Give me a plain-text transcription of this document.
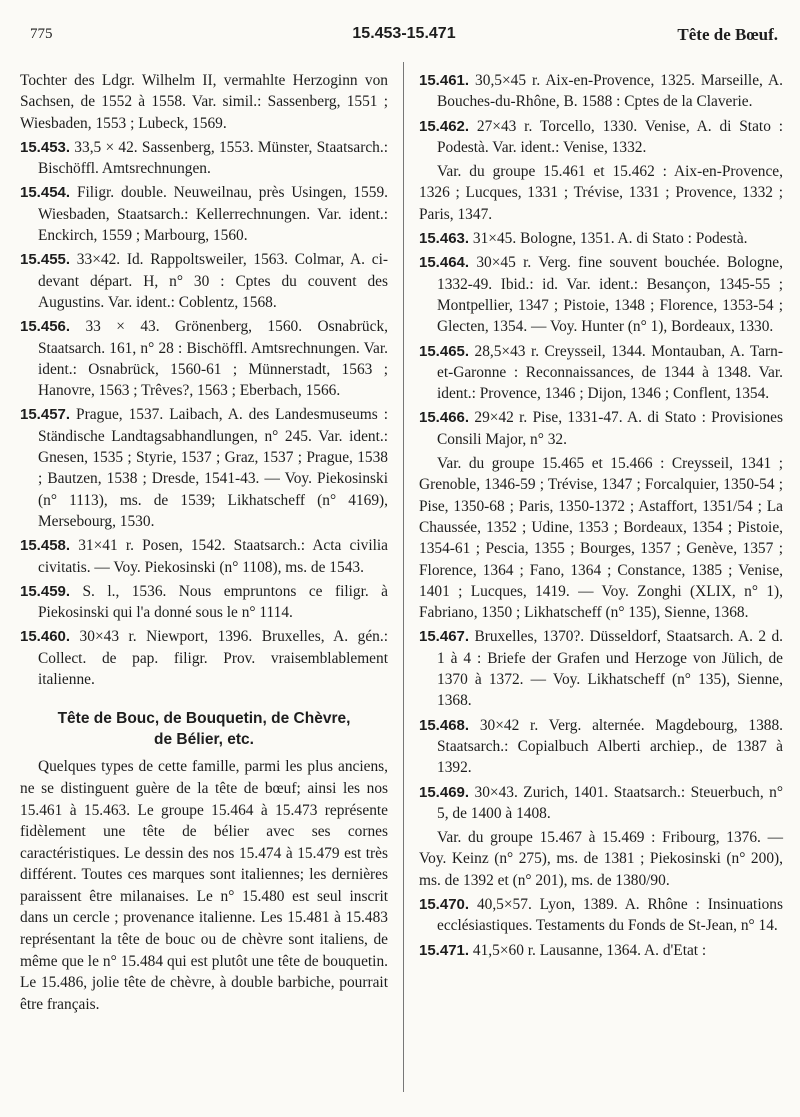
775	15.453-15.471	Tête de Bœuf.

Tochter des Ldgr. Wilhelm II, vermahlte Herzoginn von Sachsen, de 1552 à 1558. Var. simil.: Sassenberg, 1551 ; Wiesbaden, 1553 ; Lubeck, 1569.

15.453. 33,5 × 42. Sassenberg, 1553. Münster, Staatsarch.: Bischöffl. Amtsrechnungen.

15.454. Filigr. double. Neuweilnau, près Usingen, 1559. Wiesbaden, Staatsarch.: Kellerrechnungen. Var. ident.: Enckirch, 1559 ; Marbourg, 1560.

15.455. 33×42. Id. Rappoltsweiler, 1563. Colmar, A. ci-devant départ. H, n° 30 : Cptes du couvent des Augustins. Var. ident.: Coblentz, 1568.

15.456. 33 × 43. Grönenberg, 1560. Osnabrück, Staatsarch. 161, n° 28 : Bischöffl. Amtsrechnungen. Var. ident.: Osnabrück, 1560-61 ; Münnerstadt, 1563 ; Hanovre, 1563 ; Trêves?, 1563 ; Eberbach, 1566.

15.457. Prague, 1537. Laibach, A. des Landesmuseums : Ständische Landtagsabhandlungen, n° 245. Var. ident.: Gnesen, 1535 ; Styrie, 1537 ; Graz, 1537 ; Prague, 1538 ; Bautzen, 1538 ; Dresde, 1541-43. — Voy. Piekosinski (n° 1113), ms. de 1539; Likhatscheff (n° 4169), Mersebourg, 1530.

15.458. 31×41 r. Posen, 1542. Staatsarch.: Acta civilia civitatis. — Voy. Piekosinski (n° 1108), ms. de 1543.

15.459. S. l., 1536. Nous empruntons ce filigr. à Piekosinski qui l'a donné sous le n° 1114.

15.460. 30×43 r. Niewport, 1396. Bruxelles, A. gén.: Collect. de pap. filigr. Prov. vraisemblablement italienne.

Tête de Bouc, de Bouquetin, de Chèvre,
de Bélier, etc.

Quelques types de cette famille, parmi les plus anciens, ne se distinguent guère de la tête de bœuf; ainsi les nos 15.461 à 15.463. Le groupe 15.464 à 15.473 représente fidèlement une tête de bélier avec ses cornes caractéristiques. Le dessin des nos 15.474 à 15.479 est très différent. Toutes ces marques sont italiennes; les dernières paraissent être milanaises. Le n° 15.480 est seul inscrit dans un cercle ; provenance italienne. Les 15.481 à 15.483 représentant la tête de bouc ou de chèvre sont italiens, de même que le n° 15.484 qui est plutôt une tête de bouquetin. Le 15.486, jolie tête de chèvre, à double barbiche, pourrait être français.

15.461. 30,5×45 r. Aix-en-Provence, 1325. Marseille, A. Bouches-du-Rhône, B. 1588 : Cptes de la Claverie.

15.462. 27×43 r. Torcello, 1330. Venise, A. di Stato : Podestà. Var. ident.: Venise, 1332.

Var. du groupe 15.461 et 15.462 : Aix-en-Provence, 1326 ; Lucques, 1331 ; Trévise, 1331 ; Provence, 1332 ; Paris, 1347.

15.463. 31×45. Bologne, 1351. A. di Stato : Podestà.

15.464. 30×45 r. Verg. fine souvent bouchée. Bologne, 1332-49. Ibid.: id. Var. ident.: Besançon, 1345-55 ; Montpellier, 1347 ; Pistoie, 1348 ; Florence, 1353-54 ; Glecten, 1354. — Voy. Hunter (n° 1), Bordeaux, 1330.

15.465. 28,5×43 r. Creysseil, 1344. Montauban, A. Tarn-et-Garonne : Reconnaissances, de 1344 à 1348. Var. ident.: Provence, 1346 ; Dijon, 1346 ; Conflent, 1354.

15.466. 29×42 r. Pise, 1331-47. A. di Stato : Provisiones Consili Major, n° 32.

Var. du groupe 15.465 et 15.466 : Creysseil, 1341 ; Grenoble, 1346-59 ; Trévise, 1347 ; Forcalquier, 1350-54 ; Pise, 1350-68 ; Paris, 1350-1372 ; Astaffort, 1351/54 ; La Chaussée, 1352 ; Udine, 1353 ; Bordeaux, 1354 ; Pistoie, 1354-61 ; Pescia, 1355 ; Bourges, 1357 ; Genève, 1357 ; Florence, 1364 ; Fano, 1364 ; Constance, 1385 ; Venise, 1401 ; Lucques, 1419. — Voy. Zonghi (XLIX, n° 1), Fabriano, 1350 ; Likhatscheff (n° 135), Sienne, 1368.

15.467. Bruxelles, 1370?. Düsseldorf, Staatsarch. A. 2 d. 1 à 4 : Briefe der Grafen und Herzoge von Jülich, de 1370 à 1372. — Voy. Likhatscheff (n° 135), Sienne, 1368.

15.468. 30×42 r. Verg. alternée. Magdebourg, 1388. Staatsarch.: Copialbuch Alberti archiep., de 1387 à 1392.

15.469. 30×43. Zurich, 1401. Staatsarch.: Steuerbuch, n° 5, de 1400 à 1408.

Var. du groupe 15.467 à 15.469 : Fribourg, 1376. — Voy. Keinz (n° 275), ms. de 1381 ; Piekosinski (n° 200), ms. de 1392 et (n° 201), ms. de 1380/90.

15.470. 40,5×57. Lyon, 1389. A. Rhône : Insinuations ecclésiastiques. Testaments du Fonds de St-Jean, n° 14.

15.471. 41,5×60 r. Lausanne, 1364. A. d'Etat :
